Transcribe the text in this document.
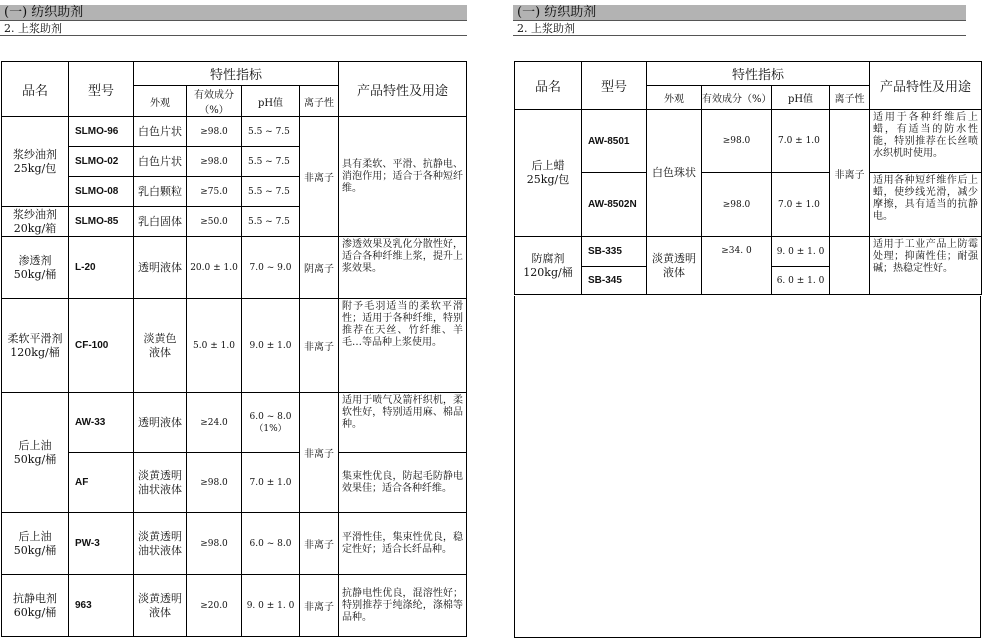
(一) 纺织助剂
2. 上浆助剂
品名	型号	特性指标				产品特性及用途
		外观	有效成分（%）	pH值	离子性	
浆纱油剂
25kg/包	SLMO-96	白色片状	≥98.0	5.5 ~ 7.5	非离子	具有柔软、平滑、抗静电、消泡作用；适合于各种短纤维。
	SLMO-02	白色片状	≥98.0	5.5 ~ 7.5		
	SLMO-08	乳白颗粒	≥75.0	5.5 ~ 7.5		
浆纱油剂
20kg/箱	SLMO-85	乳白固体	≥50.0	5.5 ~ 7.5		
渗透剂
50kg/桶	L-20	透明液体	20.0 ± 1.0	7.0 ~ 9.0	阴离子	渗透效果及乳化分散性好，适合各种纤维上浆，提升上浆效果。
柔软平滑剂
120kg/桶	CF-100	淡黄色
液体	5.0 ± 1.0	9.0 ± 1.0	非离子	附予毛羽适当的柔软平滑性；适用于各种纤维，特别推荐在天丝、竹纤维、羊毛…等品种上浆使用。
后上油
50kg/桶	AW-33	透明液体	≥24.0	6.0 ~ 8.0
（1%）	非离子	适用于喷气及箭杆织机，柔软性好，特别适用麻、棉品种。
	AF	淡黄透明
油状液体	≥98.0	7.0 ± 1.0		集束性优良，防起毛防静电效果佳；适合各种纤维。
后上油
50kg/桶	PW-3	淡黄透明
油状液体	≥98.0	6.0 ~ 8.0	非离子	平滑性佳，集束性优良，稳定性好；适合长纤品种。
抗静电剂
60kg/桶	963	淡黄透明
液体	≥20.0	9. 0 ± 1. 0	非离子	抗静电性优良，混溶性好；特别推荐于纯涤纶，涤棉等品种。
(一) 纺织助剂
2. 上浆助剂
品名	型号	特性指标				产品特性及用途
		外观	有效成分（%）	pH值	离子性	
后上蜡
25kg/包	AW-8501	白色珠状	≥98.0	7.0 ± 1.0	非离子	适用于各种纤维后上蜡，有适当的防水性能，特别推荐在长丝喷水织机时使用。
	AW-8502N		≥98.0	7.0 ± 1.0		适用各种短纤维作后上蜡，使纱线光滑，减少摩擦，具有适当的抗静电。
防腐剂
120kg/桶	SB-335	淡黄透明
液体	≥34. 0	9. 0 ± 1. 0		适用于工业产品上防霉处理；抑菌性佳；耐强碱；热稳定性好。
	SB-345			6. 0 ± 1. 0		
